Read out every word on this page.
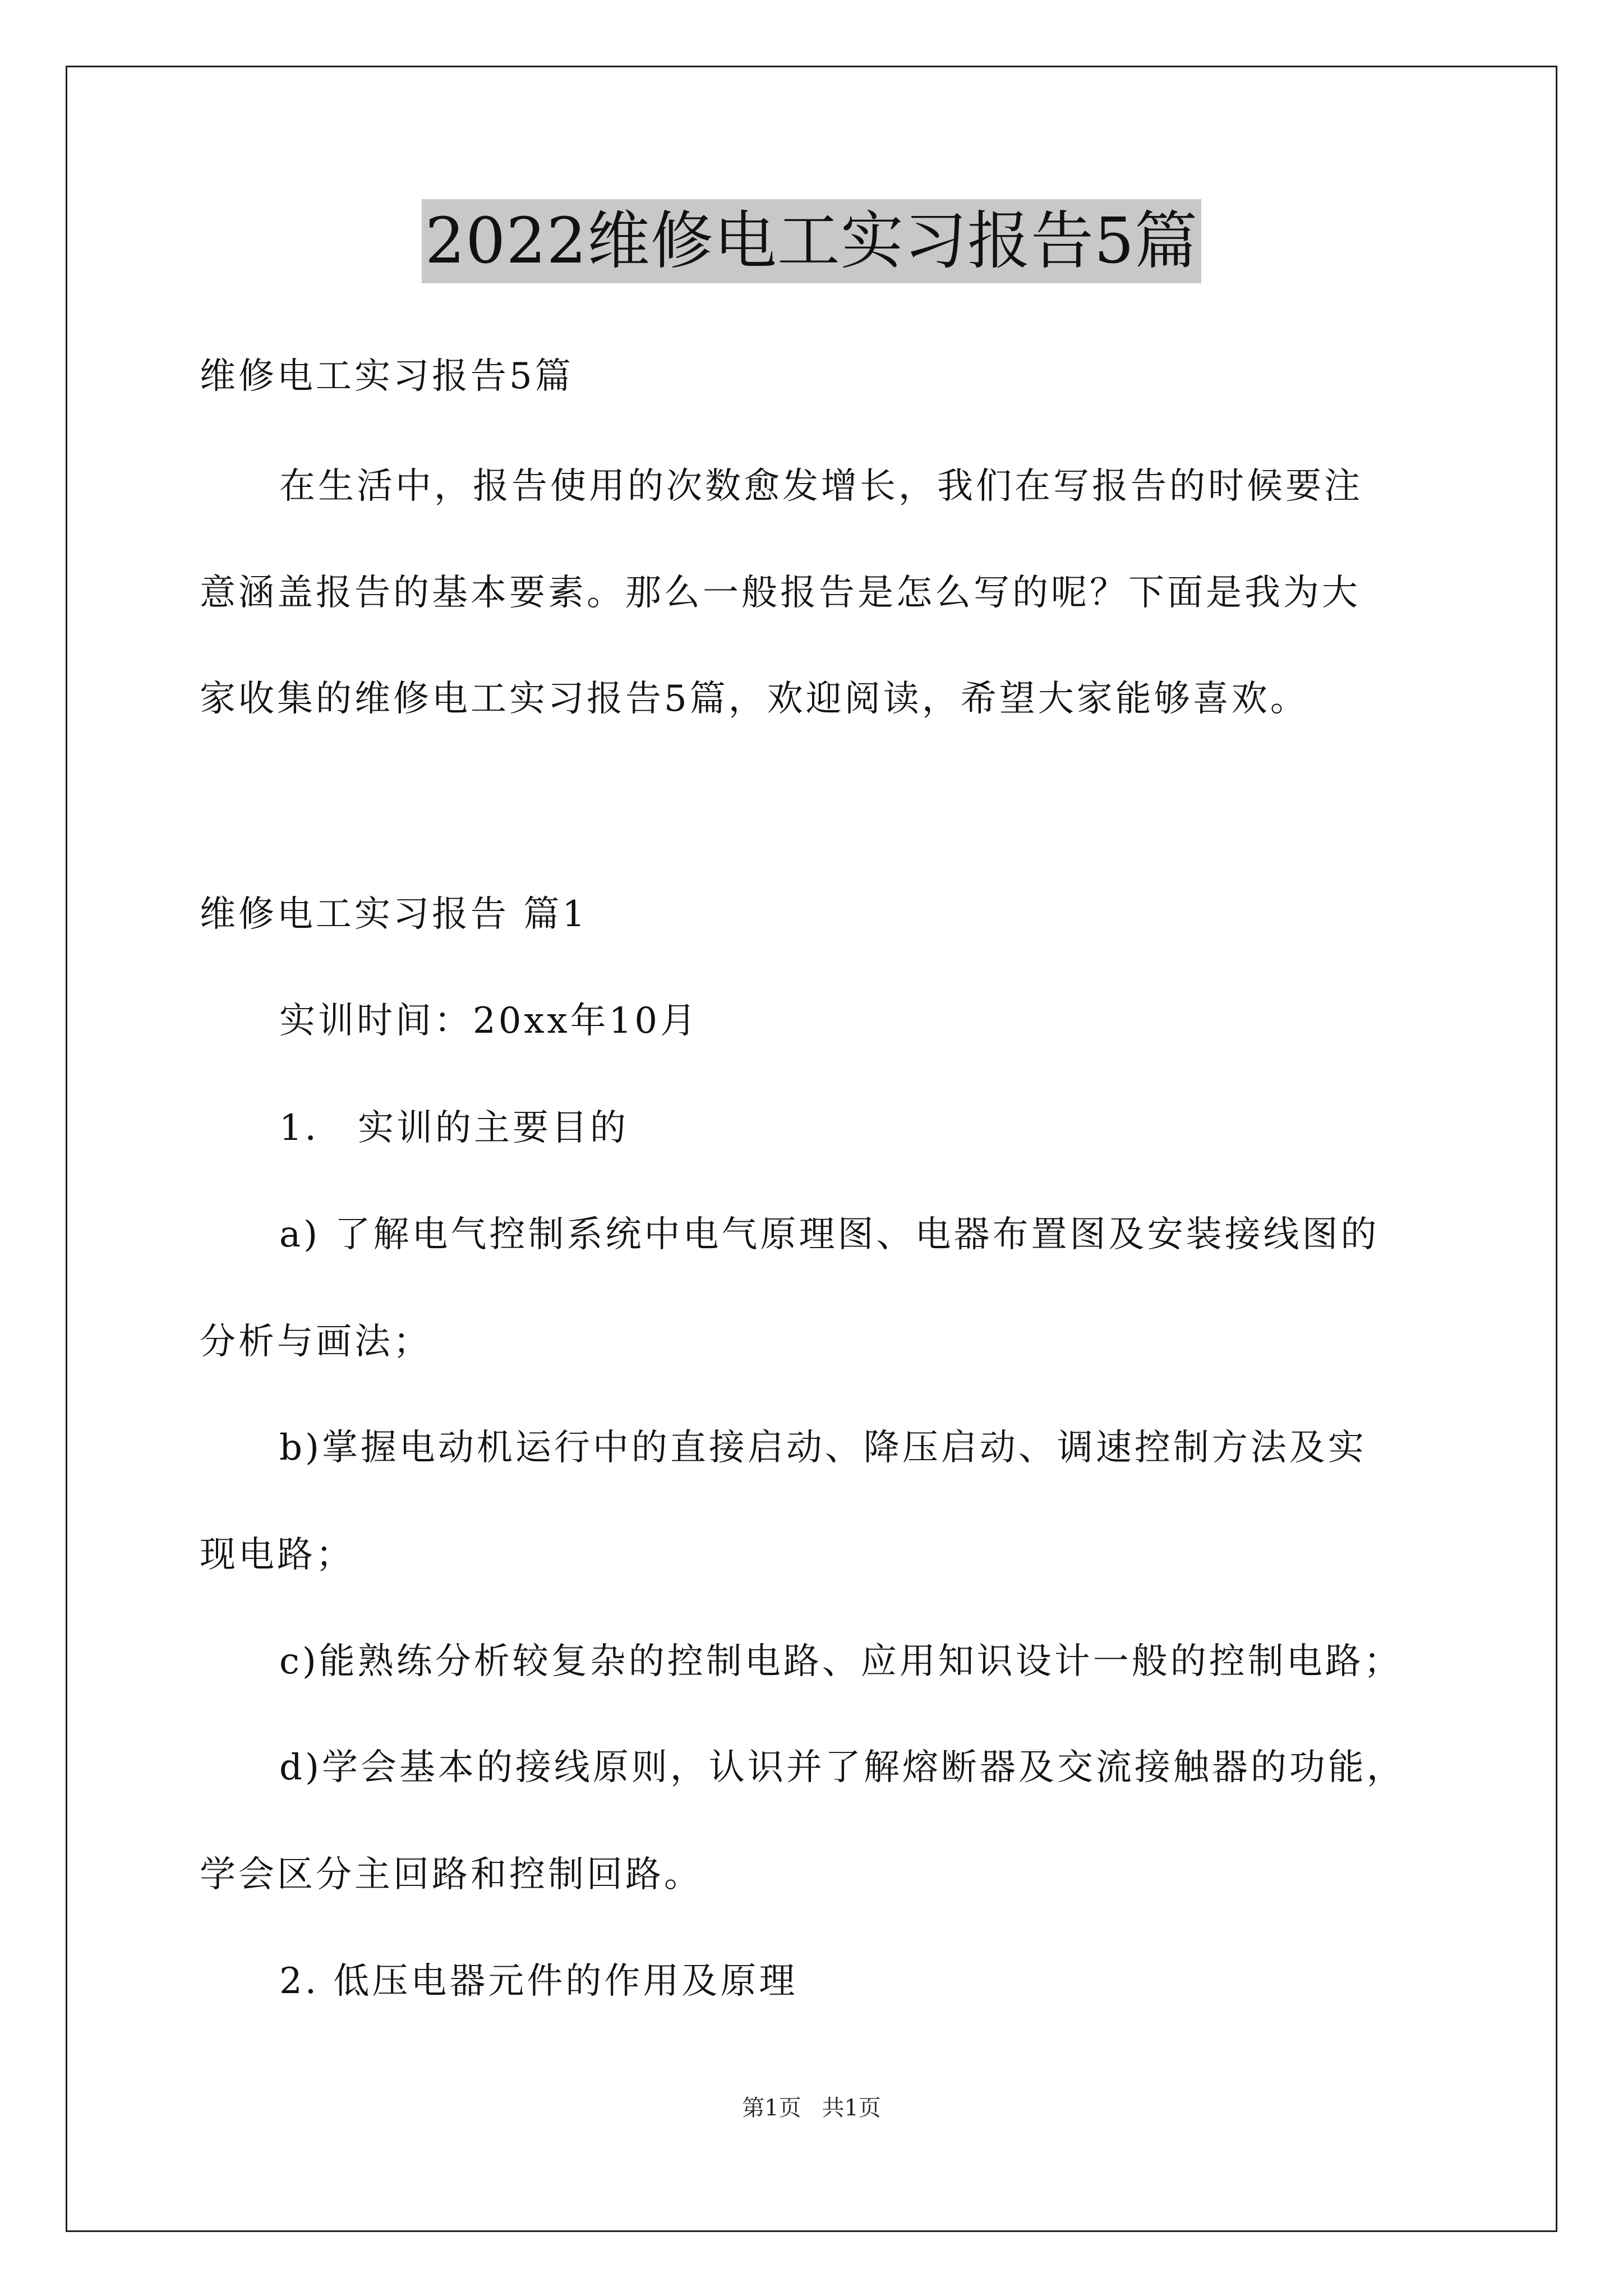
2022维修电工实习报告5篇
维修电工实习报告5篇
在生活中，报告使用的次数愈发增长，我们在写报告的时候要注
意涵盖报告的基本要素。那么一般报告是怎么写的呢？下面是我为大
家收集的维修电工实习报告5篇，欢迎阅读，希望大家能够喜欢。
维修电工实习报告 篇1
实训时间：20xx年10月
1． 实训的主要目的
a) 了解电气控制系统中电气原理图、电器布置图及安装接线图的
分析与画法；
b)掌握电动机运行中的直接启动、降压启动、调速控制方法及实
现电路；
c)能熟练分析较复杂的控制电路、应用知识设计一般的控制电路；
d)学会基本的接线原则，认识并了解熔断器及交流接触器的功能，
学会区分主回路和控制回路。
2. 低压电器元件的作用及原理
第1页 共1页
